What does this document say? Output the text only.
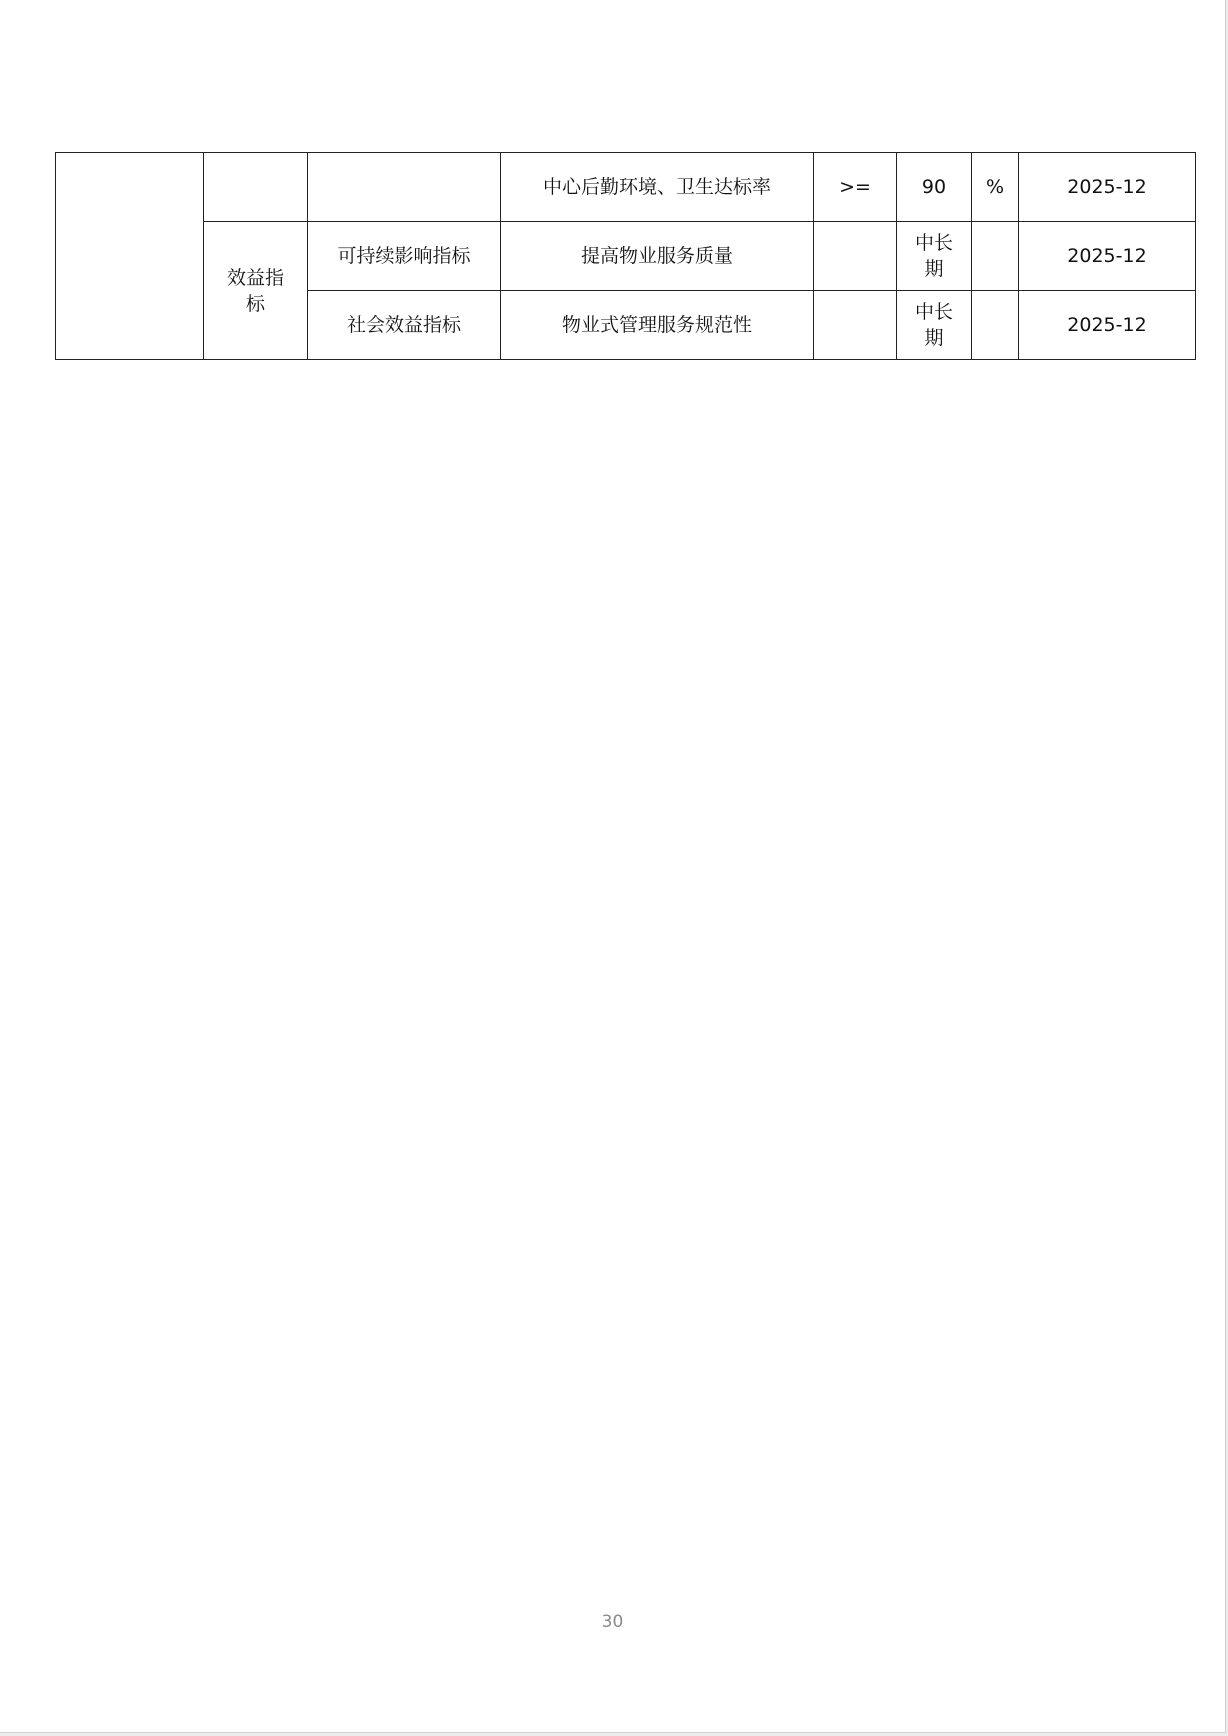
			中心后勤环境、卫生达标率	>=	90	%	2025-12
	效益指标	可持续影响指标	提高物业服务质量		中长期		2025-12
		社会效益指标	物业式管理服务规范性		中长期		2025-12
30
